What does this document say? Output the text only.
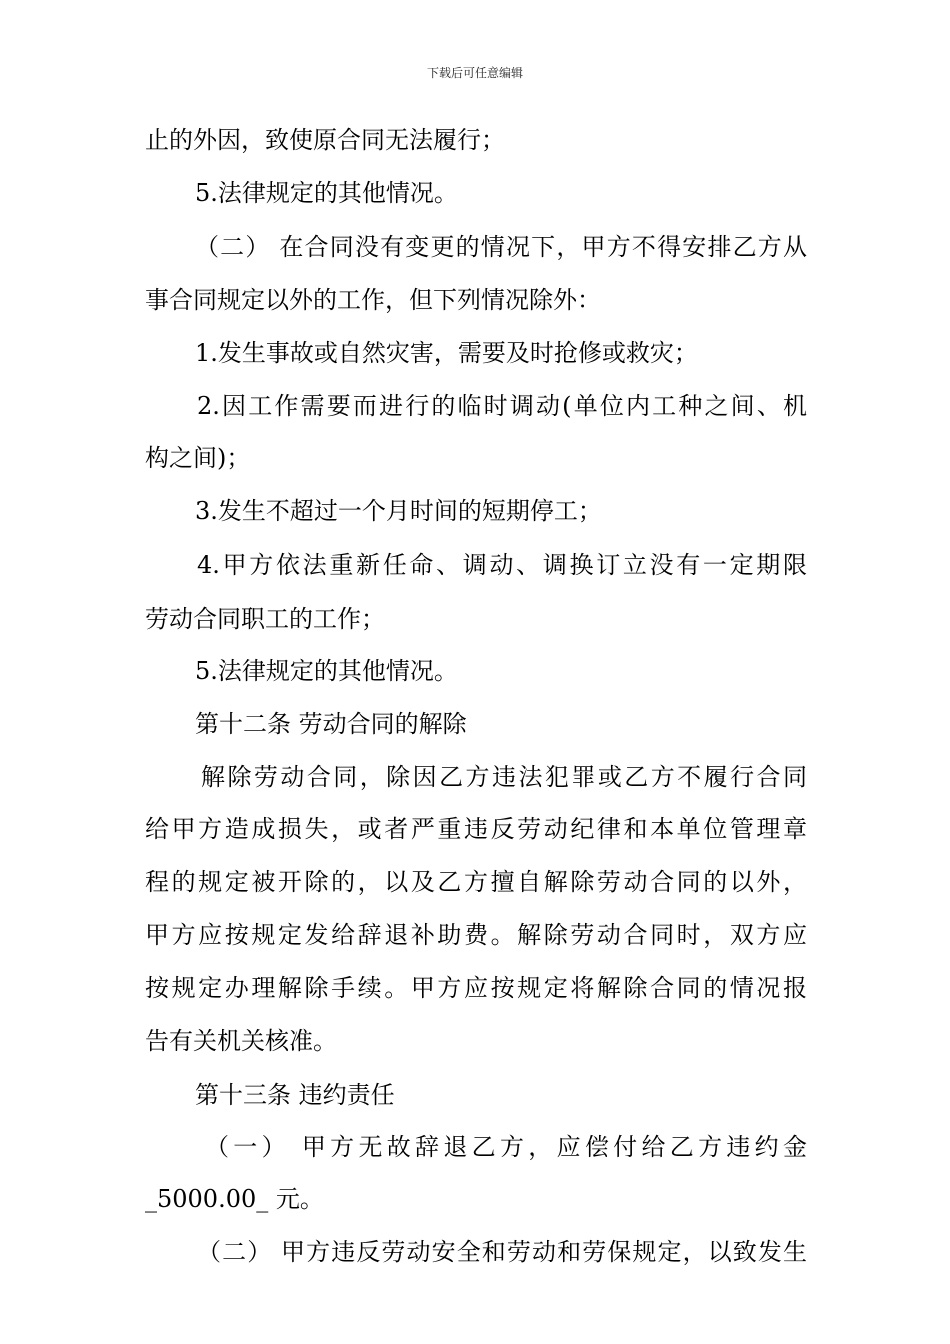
下载后可任意编辑
止的外因，致使原合同无法履行；
5.法律规定的其他情况。
（二） 在合同没有变更的情况下，甲方不得安排乙方从
事合同规定以外的工作，但下列情况除外：
1.发生事故或自然灾害，需要及时抢修或救灾；
2.因工作需要而进行的临时调动(单位内工种之间、机
构之间)；
3.发生不超过一个月时间的短期停工；
4.甲方依法重新任命、调动、调换订立没有一定期限
劳动合同职工的工作；
5.法律规定的其他情况。
第十二条 劳动合同的解除
解除劳动合同，除因乙方违法犯罪或乙方不履行合同
给甲方造成损失，或者严重违反劳动纪律和本单位管理章
程的规定被开除的，以及乙方擅自解除劳动合同的以外，
甲方应按规定发给辞退补助费。解除劳动合同时，双方应
按规定办理解除手续。甲方应按规定将解除合同的情况报
告有关机关核准。
第十三条 违约责任
（一） 甲方无故辞退乙方，应偿付给乙方违约金
_5000.00_ 元。
（二） 甲方违反劳动安全和劳动和劳保规定，以致发生
